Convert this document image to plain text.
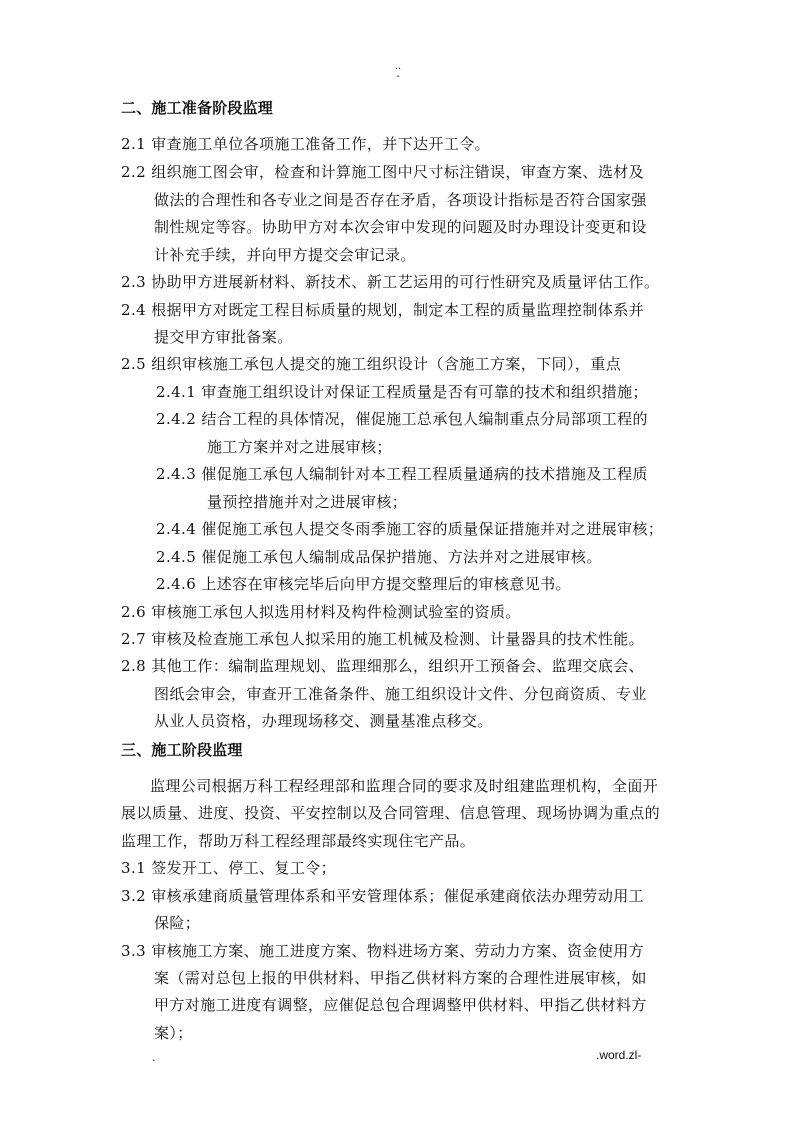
..
-
二、施工准备阶段监理
2.1 审查施工单位各项施工准备工作，并下达开工令。
2.2 组织施工图会审，检查和计算施工图中尺寸标注错误，审查方案、选材及
做法的合理性和各专业之间是否存在矛盾，各项设计指标是否符合国家强
制性规定等容。协助甲方对本次会审中发现的问题及时办理设计变更和设
计补充手续，并向甲方提交会审记录。
2.3 协助甲方进展新材料、新技术、新工艺运用的可行性研究及质量评估工作。
2.4 根据甲方对既定工程目标质量的规划，制定本工程的质量监理控制体系并
提交甲方审批备案。
2.5 组织审核施工承包人提交的施工组织设计（含施工方案，下同），重点
2.4.1 审查施工组织设计对保证工程质量是否有可靠的技术和组织措施；
2.4.2 结合工程的具体情况，催促施工总承包人编制重点分局部项工程的
施工方案并对之进展审核；
2.4.3 催促施工承包人编制针对本工程工程质量通病的技术措施及工程质
量预控措施并对之进展审核；
2.4.4 催促施工承包人提交冬雨季施工容的质量保证措施并对之进展审核；
2.4.5 催促施工承包人编制成品保护措施、方法并对之进展审核。
2.4.6 上述容在审核完毕后向甲方提交整理后的审核意见书。
2.6 审核施工承包人拟选用材料及构件检测试验室的资质。
2.7 审核及检查施工承包人拟采用的施工机械及检测、计量器具的技术性能。
2.8 其他工作：编制监理规划、监理细那么，组织开工预备会、监理交底会、
图纸会审会，审查开工准备条件、施工组织设计文件、分包商资质、专业
从业人员资格，办理现场移交、测量基准点移交。
三、施工阶段监理
监理公司根据万科工程经理部和监理合同的要求及时组建监理机构，全面开
展以质量、进度、投资、平安控制以及合同管理、信息管理、现场协调为重点的
监理工作，帮助万科工程经理部最终实现住宅产品。
3.1 签发开工、停工、复工令；
3.2 审核承建商质量管理体系和平安管理体系；催促承建商依法办理劳动用工
保险；
3.3 审核施工方案、施工进度方案、物料进场方案、劳动力方案、资金使用方
案（需对总包上报的甲供材料、甲指乙供材料方案的合理性进展审核，如
甲方对施工进度有调整，应催促总包合理调整甲供材料、甲指乙供材料方
案）；
.	.word.zl-
